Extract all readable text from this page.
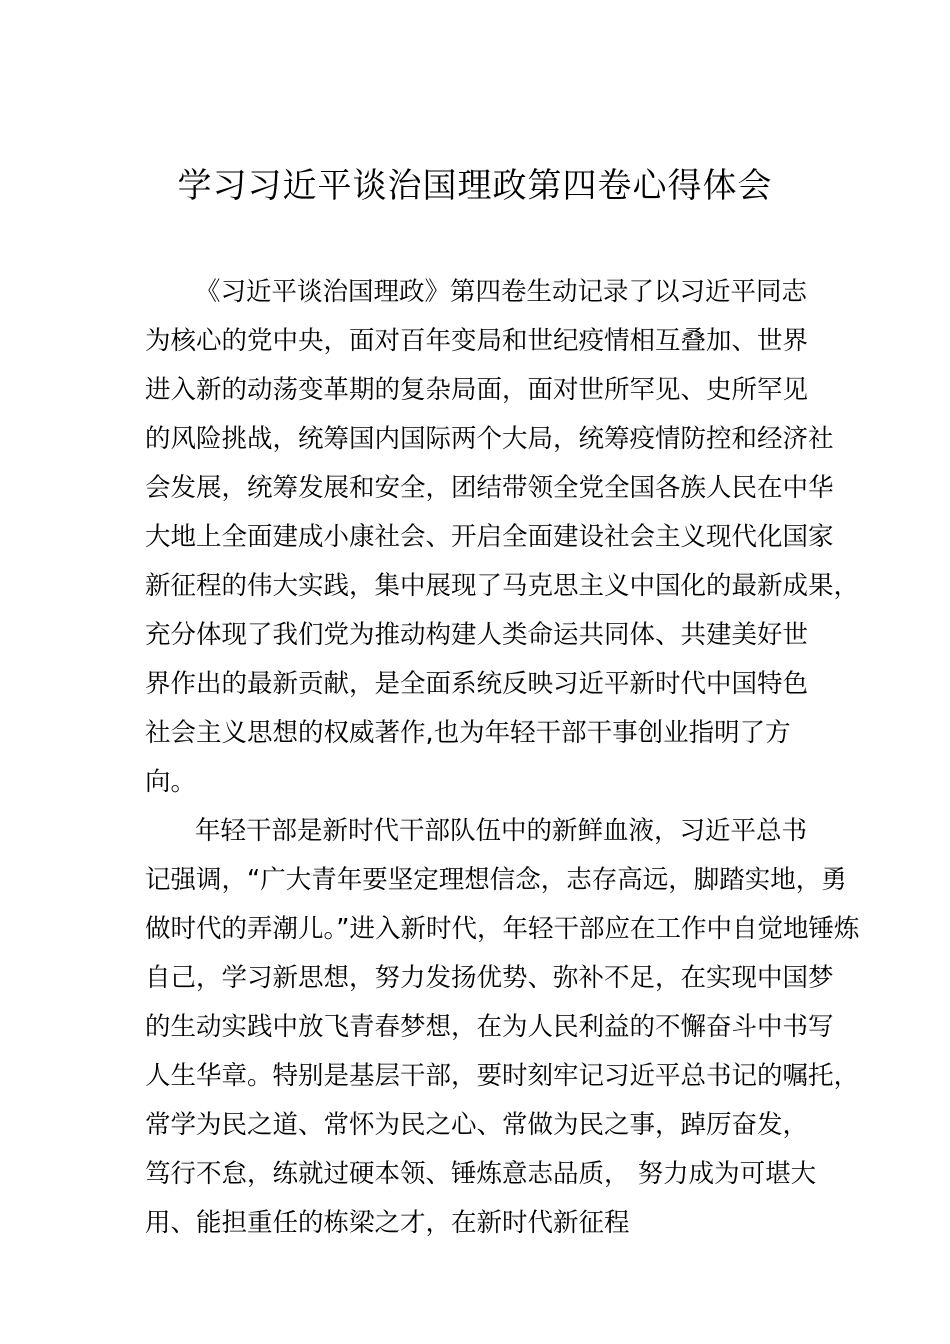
学习习近平谈治国理政第四卷心得体会
《习近平谈治国理政》第四卷生动记录了以习近平同志
为核心的党中央，面对百年变局和世纪疫情相互叠加、世界
进入新的动荡变革期的复杂局面，面对世所罕见、史所罕见
的风险挑战，统筹国内国际两个大局，统筹疫情防控和经济社
会发展，统筹发展和安全，团结带领全党全国各族人民在中华
大地上全面建成小康社会、开启全面建设社会主义现代化国家
新征程的伟大实践，集中展现了马克思主义中国化的最新成果，
充分体现了我们党为推动构建人类命运共同体、共建美好世
界作出的最新贡献，是全面系统反映习近平新时代中国特色
社会主义思想的权威著作,也为年轻干部干事创业指明了方
向。
年轻干部是新时代干部队伍中的新鲜血液，习近平总书
记强调，“广大青年要坚定理想信念，志存高远，脚踏实地，勇
做时代的弄潮儿。”进入新时代，年轻干部应在工作中自觉地锤炼
自己，学习新思想，努力发扬优势、弥补不足，在实现中国梦
的生动实践中放飞青春梦想，在为人民利益的不懈奋斗中书写
人生华章。特别是基层干部，要时刻牢记习近平总书记的嘱托，
常学为民之道、常怀为民之心、常做为民之事，踔厉奋发，
笃行不怠，练就过硬本领、锤炼意志品质， 努力成为可堪大
用、能担重任的栋梁之才，在新时代新征程
